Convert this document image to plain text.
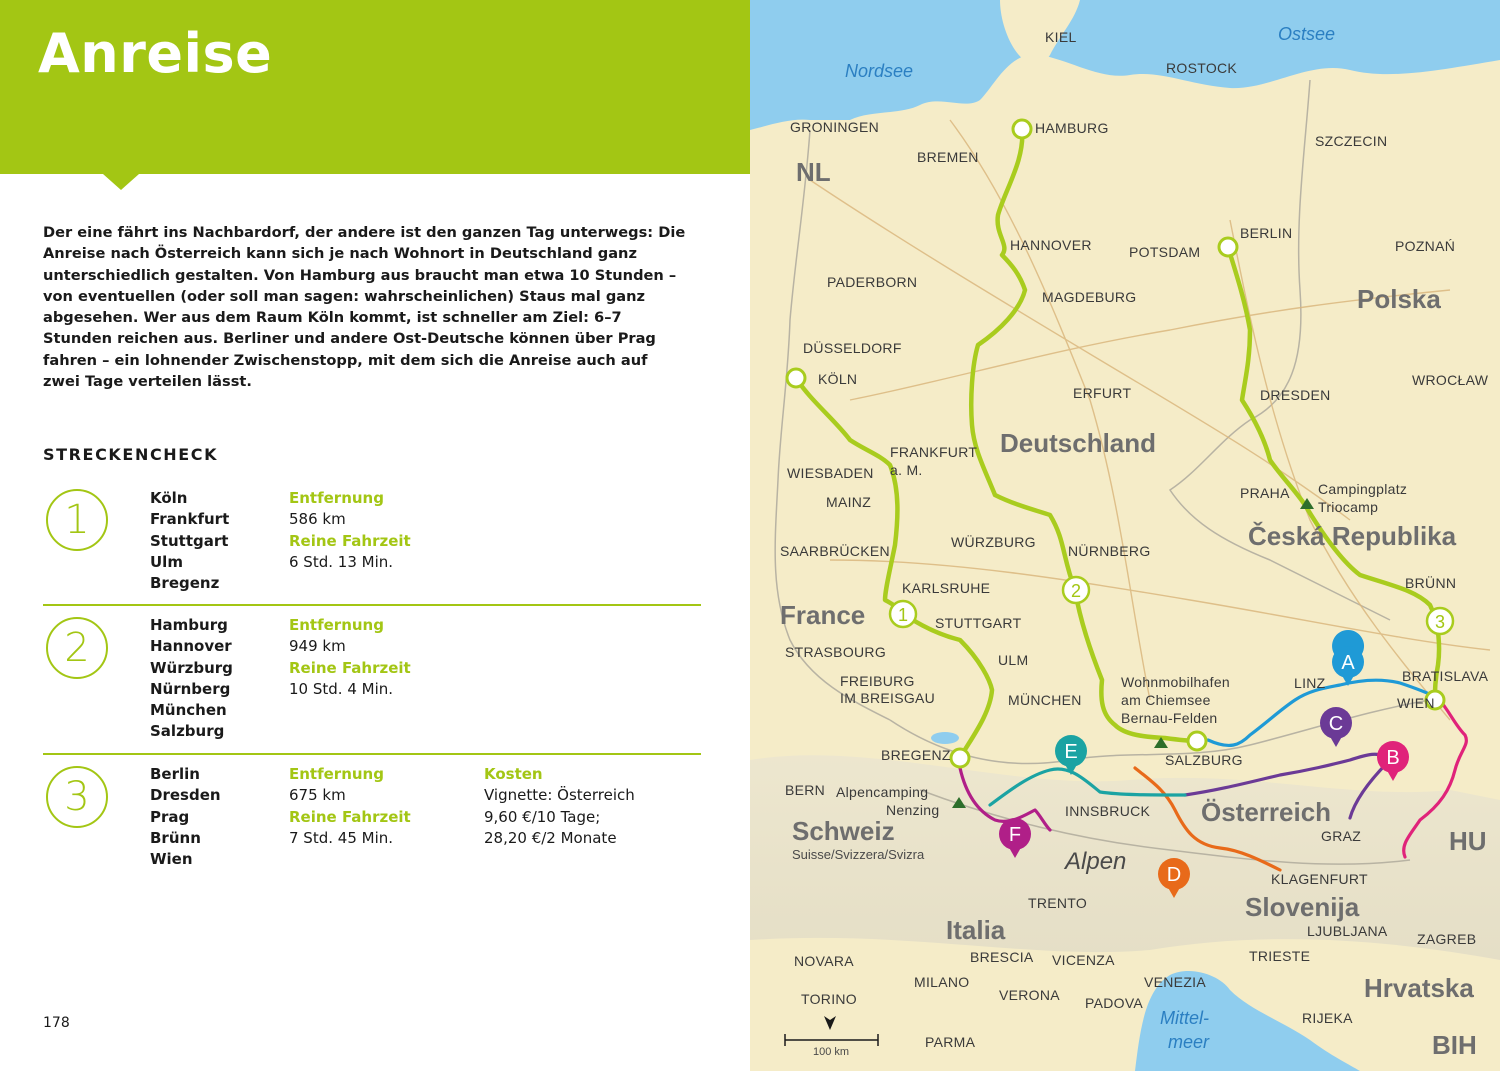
Anreise
Der eine fährt ins Nachbardorf, der andere ist den ganzen Tag unterwegs: Die Anreise nach Österreich kann sich je nach Wohnort in Deutschland ganz unterschiedlich gestalten. Von Hamburg aus braucht man etwa 10 Stunden – von eventuellen (oder soll man sagen: wahrscheinlichen) Staus mal ganz abgesehen. Wer aus dem Raum Köln kommt, ist schneller am Ziel: 6–7 Stunden reichen aus. Berliner und andere Ost-Deutsche können über Prag fahren – ein lohnender Zwischenstopp, mit dem sich die Anreise auch auf zwei Tage verteilen lässt.
STRECKENCHECK
1	Köln
Frankfurt
Stuttgart
Ulm
Bregenz
Entfernung
586 km
Reine Fahrzeit
6 Std. 13 Min.
2	Hamburg
Hannover
Würzburg
Nürnberg
München
Salzburg
Entfernung
949 km
Reine Fahrzeit
10 Std. 4 Min.
3	Berlin
Dresden
Prag
Brünn
Wien
Entfernung
675 km
Reine Fahrzeit
7 Std. 45 Min.
Kosten
Vignette: Österreich
9,60 €/10 Tage;
28,20 €/2 Monate
178
1
2
3
A
B
C
D
E
F
Nordsee
Ostsee
Mittel-
meer
NL
Deutschland
Polska
Česká Republika
France
Schweiz
Österreich
Italia
Slovenija
Hrvatska
HU
BIH
Suisse/Svizzera/Svizra	Alpen
KIEL
ROSTOCK
HAMBURG
GRONINGEN
BREMEN
SZCZECIN
BERLIN
POTSDAM
HANNOVER	POZNAŃ
PADERBORN
MAGDEBURG
DÜSSELDORF
KÖLN
ERFURT
WROCŁAW
DRESDEN
FRANKFURT
a. M.
WIESBADEN
MAINZ
PRAHA
SAARBRÜCKEN
WÜRZBURG
NÜRNBERG
BRÜNN
KARLSRUHE
STUTTGART
STRASBOURG	ULM
LINZ	BRATISLAVA
FREIBURG
IM BREISGAU	MÜNCHEN	WIEN
BREGENZ	SALZBURG
BERN
INNSBRUCK
GRAZ
KLAGENFURT
TRENTO
LJUBLJANA ZAGREB
NOVARA	BRESCIA VICENZA	TRIESTE
MILANO
VERONA
VENEZIA
TORINO	PADOVA
RIJEKA
PARMA
Campingplatz
Triocamp
Wohnmobilhafen
am Chiemsee
Bernau-Felden
Alpencamping
Nenzing
100 km
